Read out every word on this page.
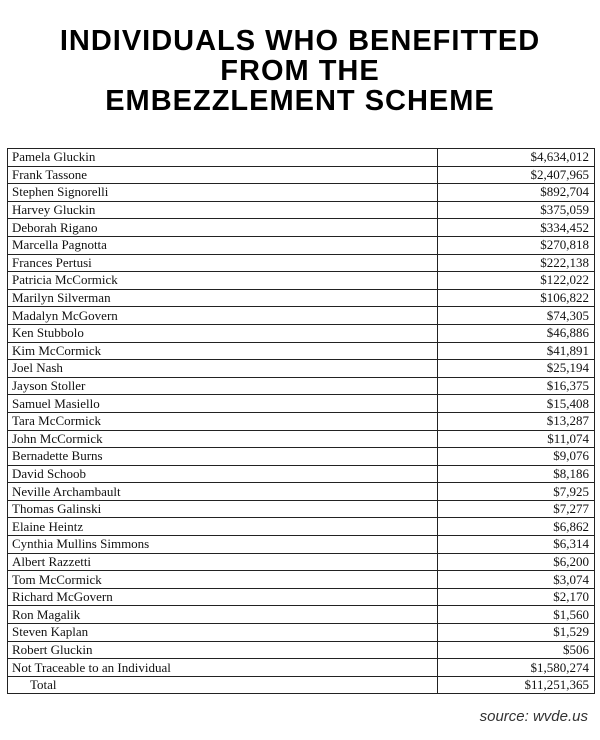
INDIVIDUALS WHO BENEFITTED
FROM THE
EMBEZZLEMENT SCHEME
Pamela Gluckin	$4,634,012
Frank Tassone	$2,407,965
Stephen Signorelli	$892,704
Harvey Gluckin	$375,059
Deborah Rigano	$334,452
Marcella Pagnotta	$270,818
Frances Pertusi	$222,138
Patricia McCormick	$122,022
Marilyn Silverman	$106,822
Madalyn McGovern	$74,305
Ken Stubbolo	$46,886
Kim McCormick	$41,891
Joel Nash	$25,194
Jayson Stoller	$16,375
Samuel Masiello	$15,408
Tara McCormick	$13,287
John McCormick	$11,074
Bernadette Burns	$9,076
David Schoob	$8,186
Neville Archambault	$7,925
Thomas Galinski	$7,277
Elaine Heintz	$6,862
Cynthia Mullins Simmons	$6,314
Albert Razzetti	$6,200
Tom McCormick	$3,074
Richard McGovern	$2,170
Ron Magalik	$1,560
Steven Kaplan	$1,529
Robert Gluckin	$506
Not Traceable to an Individual	$1,580,274
Total	$11,251,365
source: wvde.us
